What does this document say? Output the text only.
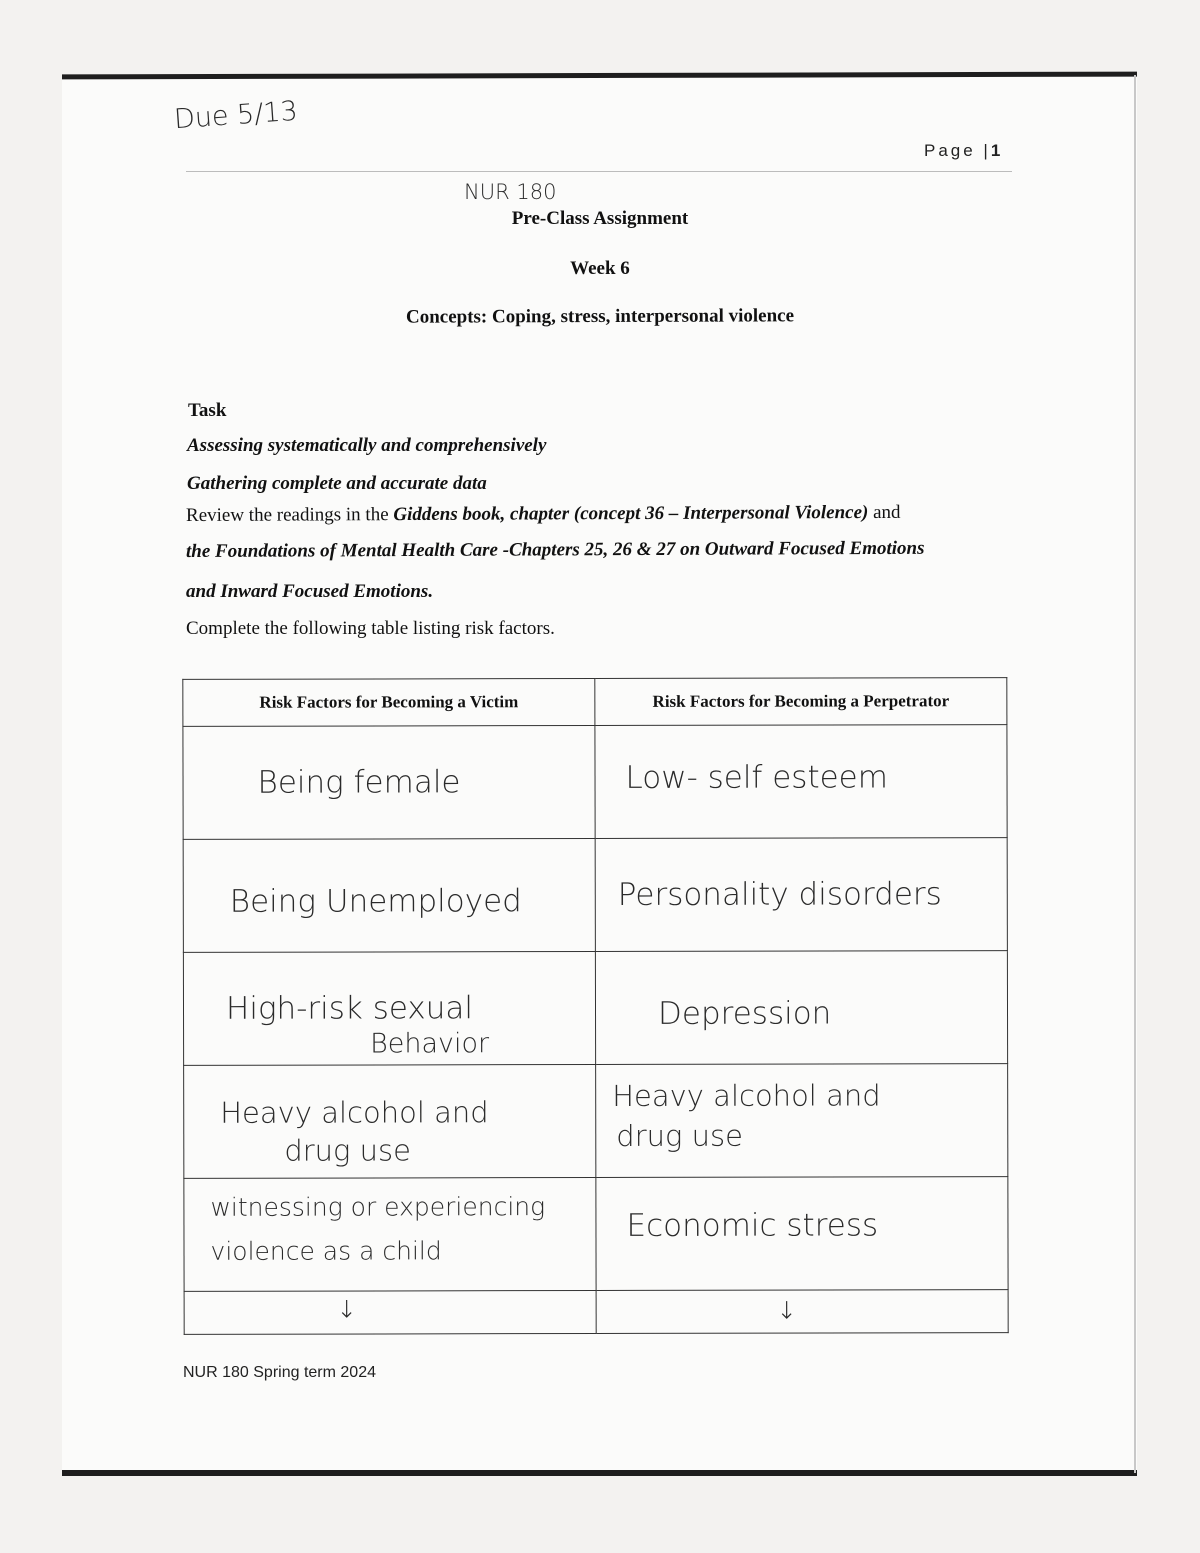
Due 5/13
Page |1
NUR 180
Pre-Class Assignment
Week 6
Concepts: Coping, stress, interpersonal violence
Task
Assessing systematically and comprehensively
Gathering complete and accurate data
Review the readings in the Giddens book, chapter (concept 36 – Interpersonal Violence) and
the Foundations of Mental Health Care -Chapters 25, 26 & 27 on Outward Focused Emotions
and Inward Focused Emotions.
Complete the following table listing risk factors.
Risk Factors for Becoming a Victim	Risk Factors for Becoming a Perpetrator

Being female	Low- self esteem

Being Unemployed	Personality disorders

High-risk sexual
Behavior	Depression

Heavy alcohol and
drug use	Heavy alcohol and
drug use

witnessing or experiencing
violence as a child	Economic stress

↓	↓
NUR 180 Spring term 2024
